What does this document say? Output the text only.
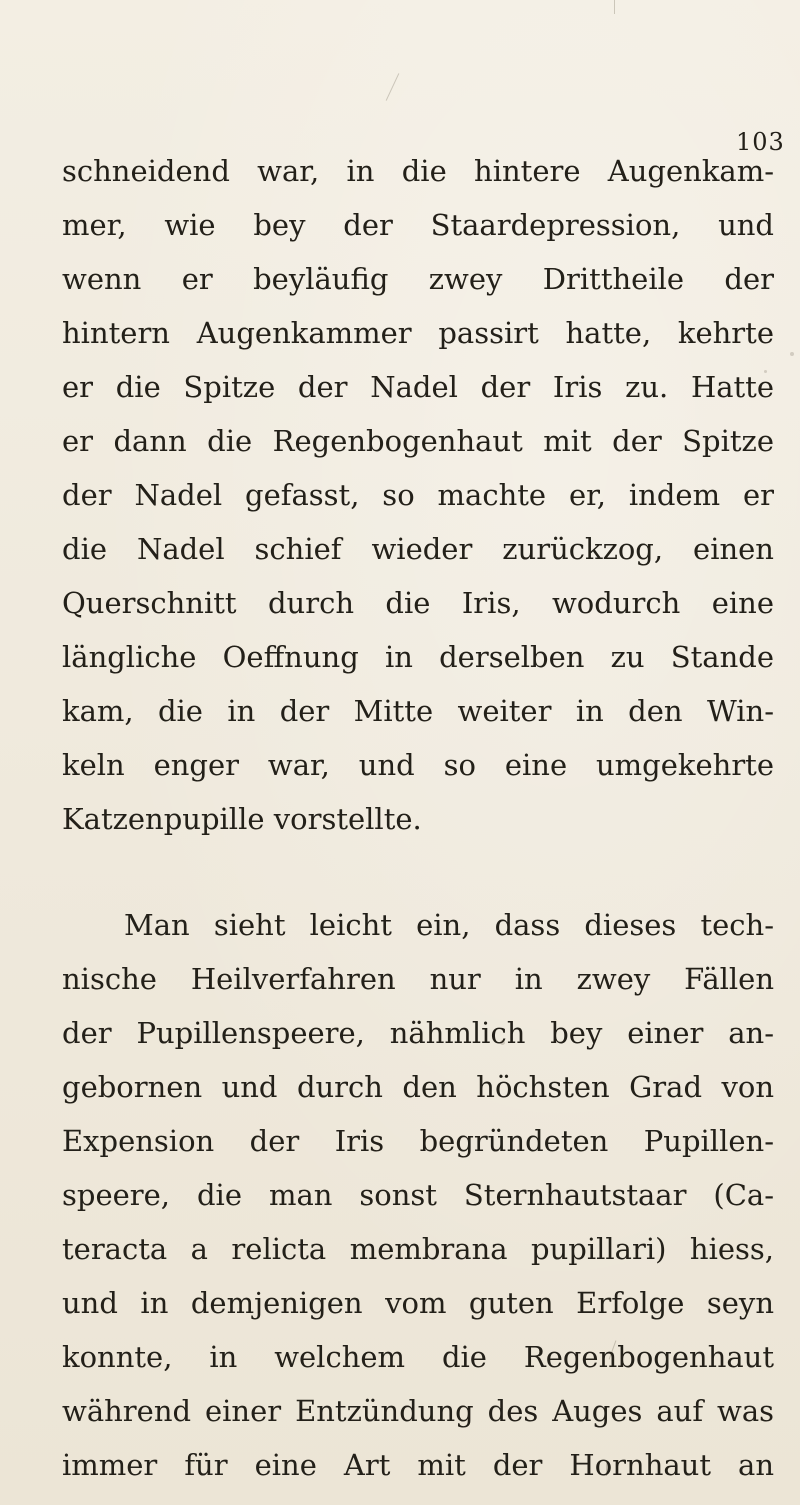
103
schneidend war, in die hintere Augenkam-
mer, wie bey der Staardepression, und
wenn er beyläufig zwey Drittheile der
hintern Augenkammer passirt hatte, kehrte
er die Spitze der Nadel der Iris zu. Hatte
er dann die Regenbogenhaut mit der Spitze
der Nadel gefasst, so machte er, indem er
die Nadel schief wieder zurückzog, einen
Querschnitt durch die Iris, wodurch eine
längliche Oeffnung in derselben zu Stande
kam, die in der Mitte weiter in den Win-
keln enger war, und so eine umgekehrte
Katzenpupille vorstellte.
Man sieht leicht ein, dass dieses tech-
nische Heilverfahren nur in zwey Fällen
der Pupillenspeere, nähmlich bey einer an-
gebornen und durch den höchsten Grad von
Expension der Iris begründeten Pupillen-
speere, die man sonst Sternhautstaar (Ca-
teracta a relicta membrana pupillari) hiess,
und in demjenigen vom guten Erfolge seyn
konnte, in welchem die Regenbogenhaut
während einer Entzündung des Auges auf was
immer für eine Art mit der Hornhaut an
